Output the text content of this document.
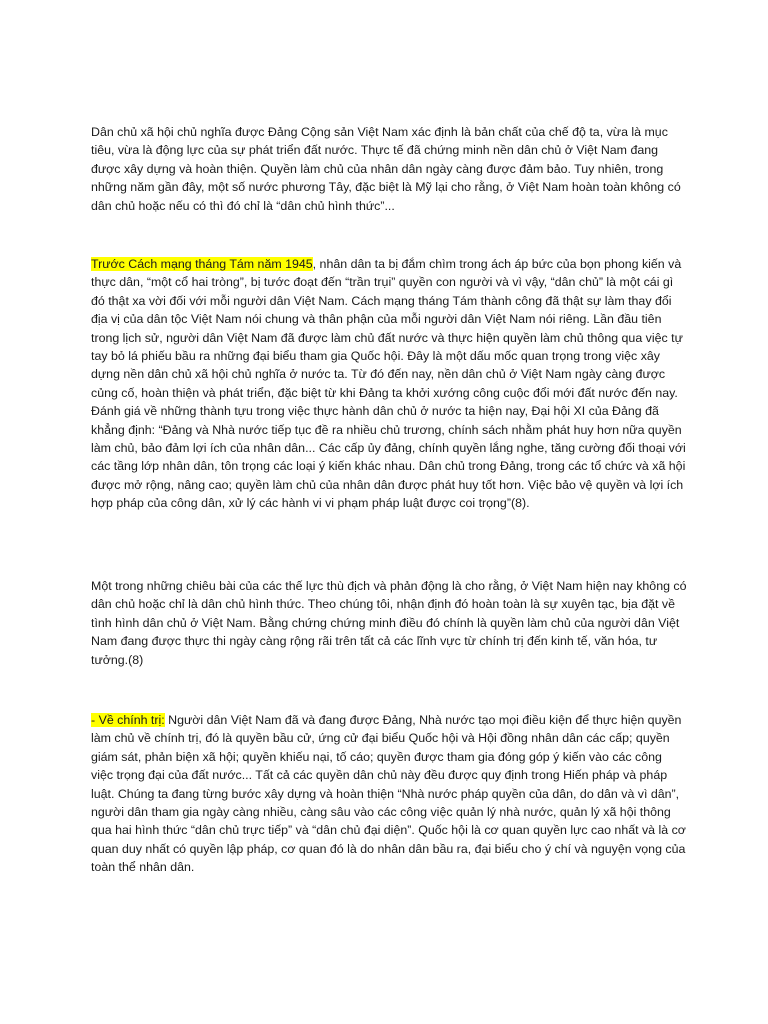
Dân chủ xã hội chủ nghĩa được Đảng Cộng sản Việt Nam xác định là bản chất của chế độ ta, vừa là mục tiêu, vừa là động lực của sự phát triển đất nước. Thực tế đã chứng minh nền dân chủ ở Việt Nam đang được xây dựng và hoàn thiện. Quyền làm chủ của nhân dân ngày càng được đảm bảo. Tuy nhiên, trong những năm gần đây, một số nước phương Tây, đặc biệt là Mỹ lại cho rằng, ở Việt Nam hoàn toàn không có dân chủ hoặc nếu có thì đó chỉ là “dân chủ hình thức”...

Trước Cách mạng tháng Tám năm 1945, nhân dân ta bị đắm chìm trong ách áp bức của bọn phong kiến và thực dân, “một cổ hai tròng”, bị tước đoạt đến “trần trụi” quyền con người và vì vậy, “dân chủ” là một cái gì đó thật xa vời đối với mỗi người dân Việt Nam. Cách mạng tháng Tám thành công đã thật sự làm thay đổi địa vị của dân tộc Việt Nam nói chung và thân phận của mỗi người dân Việt Nam nói riêng. Lần đầu tiên trong lịch sử, người dân Việt Nam đã được làm chủ đất nước và thực hiện quyền làm chủ thông qua việc tự tay bỏ lá phiếu bầu ra những đại biểu tham gia Quốc hội. Đây là một dấu mốc quan trọng trong việc xây dựng nền dân chủ xã hội chủ nghĩa ở nước ta. Từ đó đến nay, nền dân chủ ở Việt Nam ngày càng được củng cố, hoàn thiện và phát triển, đặc biệt từ khi Đảng ta khởi xướng công cuộc đổi mới đất nước đến nay. Đánh giá về những thành tựu trong việc thực hành dân chủ ở nước ta hiện nay, Đại hội XI của Đảng đã khẳng định: “Đảng và Nhà nước tiếp tục đề ra nhiều chủ trương, chính sách nhằm phát huy hơn nữa quyền làm chủ, bảo đảm lợi ích của nhân dân... Các cấp ủy đảng, chính quyền lắng nghe, tăng cường đối thoại với các tầng lớp nhân dân, tôn trọng các loại ý kiến khác nhau. Dân chủ trong Đảng, trong các tổ chức và xã hội được mở rộng, nâng cao; quyền làm chủ của nhân dân được phát huy tốt hơn. Việc bảo vệ quyền và lợi ích hợp pháp của công dân, xử lý các hành vi vi phạm pháp luật được coi trọng”(8).

Một trong những chiêu bài của các thế lực thù địch và phản động là cho rằng, ở Việt Nam hiện nay không có dân chủ hoặc chỉ là dân chủ hình thức. Theo chúng tôi, nhận định đó hoàn toàn là sự xuyên tạc, bịa đặt về tình hình dân chủ ở Việt Nam. Bằng chứng chứng minh điều đó chính là quyền làm chủ của người dân Việt Nam đang được thực thi ngày càng rộng rãi trên tất cả các lĩnh vực từ chính trị đến kinh tế, văn hóa, tư tưởng.(8)

- Về chính trị: Người dân Việt Nam đã và đang được Đảng, Nhà nước tạo mọi điều kiện để thực hiện quyền làm chủ về chính trị, đó là quyền bầu cử, ứng cử đại biểu Quốc hội và Hội đồng nhân dân các cấp; quyền giám sát, phản biện xã hội; quyền khiếu nại, tố cáo; quyền được tham gia đóng góp ý kiến vào các công việc trọng đại của đất nước... Tất cả các quyền dân chủ này đều được quy định trong Hiến pháp và pháp luật. Chúng ta đang từng bước xây dựng và hoàn thiện “Nhà nước pháp quyền của dân, do dân và vì dân”, người dân tham gia ngày càng nhiều, càng sâu vào các công việc quản lý nhà nước, quản lý xã hội thông qua hai hình thức “dân chủ trực tiếp” và “dân chủ đại diện”. Quốc hội là cơ quan quyền lực cao nhất và là cơ quan duy nhất có quyền lập pháp, cơ quan đó là do nhân dân bầu ra, đại biểu cho ý chí và nguyện vọng của toàn thể nhân dân.
